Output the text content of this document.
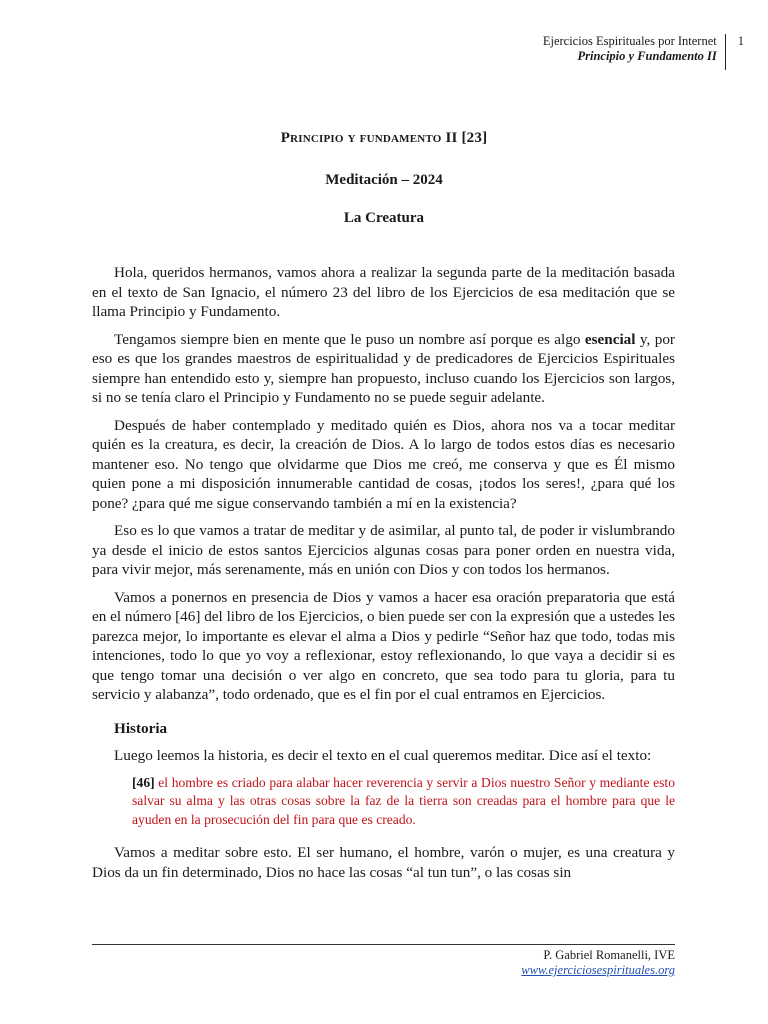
Ejercicios Espirituales por Internet
Principio y Fundamento II
1
Principio y fundamento II [23]
Meditación – 2024
La Creatura

Hola, queridos hermanos, vamos ahora a realizar la segunda parte de la meditación basada en el texto de San Ignacio, el número 23 del libro de los Ejercicios de esa meditación que se llama Principio y Fundamento.

Tengamos siempre bien en mente que le puso un nombre así porque es algo esencial y, por eso es que los grandes maestros de espiritualidad y de predicadores de Ejercicios Espirituales siempre han entendido esto y, siempre han propuesto, incluso cuando los Ejercicios son largos, si no se tenía claro el Principio y Fundamento no se puede seguir adelante.

Después de haber contemplado y meditado quién es Dios, ahora nos va a tocar meditar quién es la creatura, es decir, la creación de Dios. A lo largo de todos estos días es necesario mantener eso. No tengo que olvidarme que Dios me creó, me conserva y que es Él mismo quien pone a mi disposición innumerable cantidad de cosas, ¡todos los seres!, ¿para qué los pone? ¿para qué me sigue conservando también a mí en la existencia?

Eso es lo que vamos a tratar de meditar y de asimilar, al punto tal, de poder ir vislumbrando ya desde el inicio de estos santos Ejercicios algunas cosas para poner orden en nuestra vida, para vivir mejor, más serenamente, más en unión con Dios y con todos los hermanos.

Vamos a ponernos en presencia de Dios y vamos a hacer esa oración preparatoria que está en el número [46] del libro de los Ejercicios, o bien puede ser con la expresión que a ustedes les parezca mejor, lo importante es elevar el alma a Dios y pedirle “Señor haz que todo, todas mis intenciones, todo lo que yo voy a reflexionar, estoy reflexionando, lo que vaya a decidir si es que tengo tomar una decisión o ver algo en concreto, que sea todo para tu gloria, para tu servicio y alabanza”, todo ordenado, que es el fin por el cual entramos en Ejercicios.

Historia

Luego leemos la historia, es decir el texto en el cual queremos meditar. Dice así el texto:

[46] el hombre es criado para alabar hacer reverencia y servir a Dios nuestro Señor y mediante esto salvar su alma y las otras cosas sobre la faz de la tierra son creadas para el hombre para que le ayuden en la prosecución del fin para que es creado.

Vamos a meditar sobre esto. El ser humano, el hombre, varón o mujer, es una creatura y Dios da un fin determinado, Dios no hace las cosas “al tun tun”, o las cosas sin

P. Gabriel Romanelli, IVE
www.ejerciciosespirituales.org
